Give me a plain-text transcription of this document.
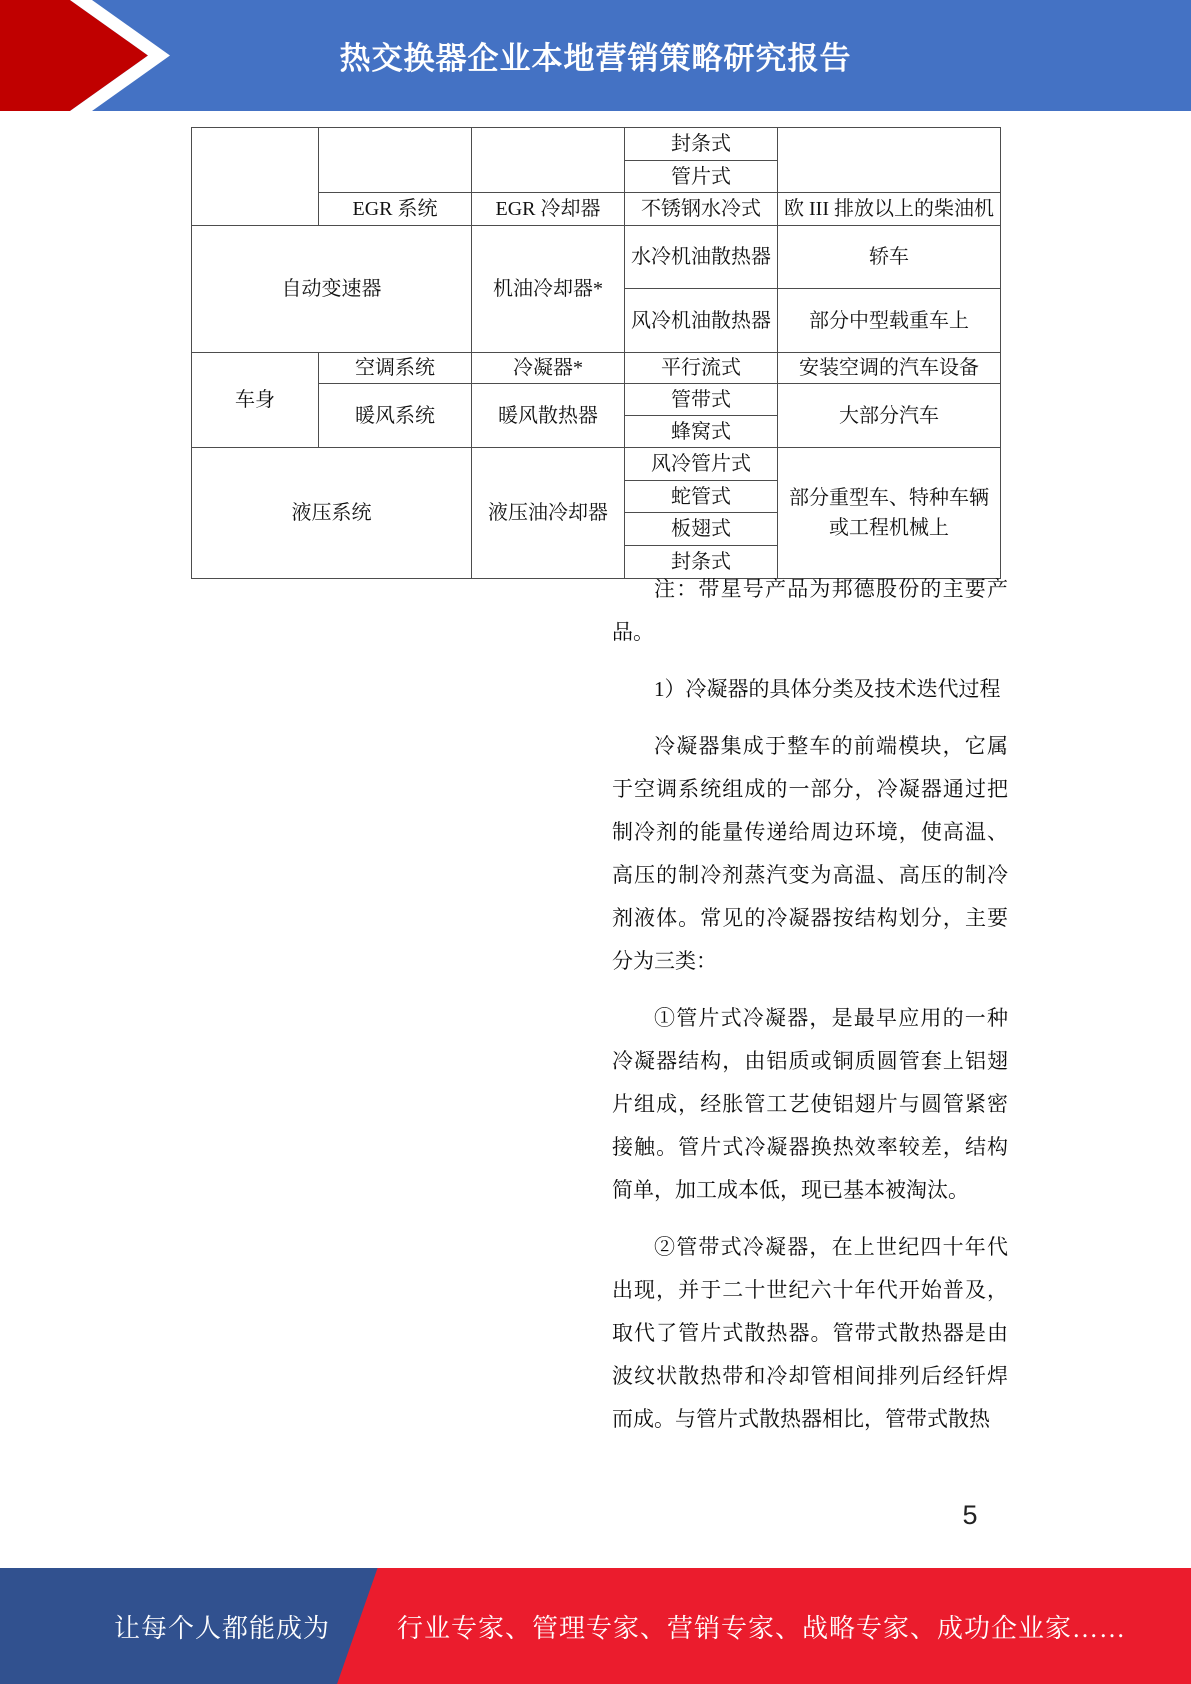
热交换器企业本地营销策略研究报告
			封条式	
			管片式	
	EGR 系统	EGR 冷却器	不锈钢水冷式	欧 III 排放以上的柴油机
自动变速器		机油冷却器*	水冷机油散热器	轿车
			风冷机油散热器	部分中型载重车上
车身	空调系统	冷凝器*	平行流式	安装空调的汽车设备
	暖风系统	暖风散热器	管带式	大部分汽车
			蜂窝式	
液压系统		液压油冷却器	风冷管片式	部分重型车、特种车辆 或工程机械上
			蛇管式	
			板翅式	
			封条式	

注：带星号产品为邦德股份的主要产品。

1）冷凝器的具体分类及技术迭代过程

冷凝器集成于整车的前端模块，它属于空调系统组成的一部分，冷凝器通过把制冷剂的能量传递给周边环境，使高温、高压的制冷剂蒸汽变为高温、高压的制冷剂液体。常见的冷凝器按结构划分，主要分为三类：

①管片式冷凝器，是最早应用的一种冷凝器结构，由铝质或铜质圆管套上铝翅片组成，经胀管工艺使铝翅片与圆管紧密接触。管片式冷凝器换热效率较差，结构简单，加工成本低，现已基本被淘汰。

②管带式冷凝器，在上世纪四十年代出现，并于二十世纪六十年代开始普及，取代了管片式散热器。管带式散热器是由波纹状散热带和冷却管相间排列后经钎焊而成。与管片式散热器相比，管带式散热

5
让每个人都能成为	行业专家、管理专家、营销专家、战略专家、成功企业家……
